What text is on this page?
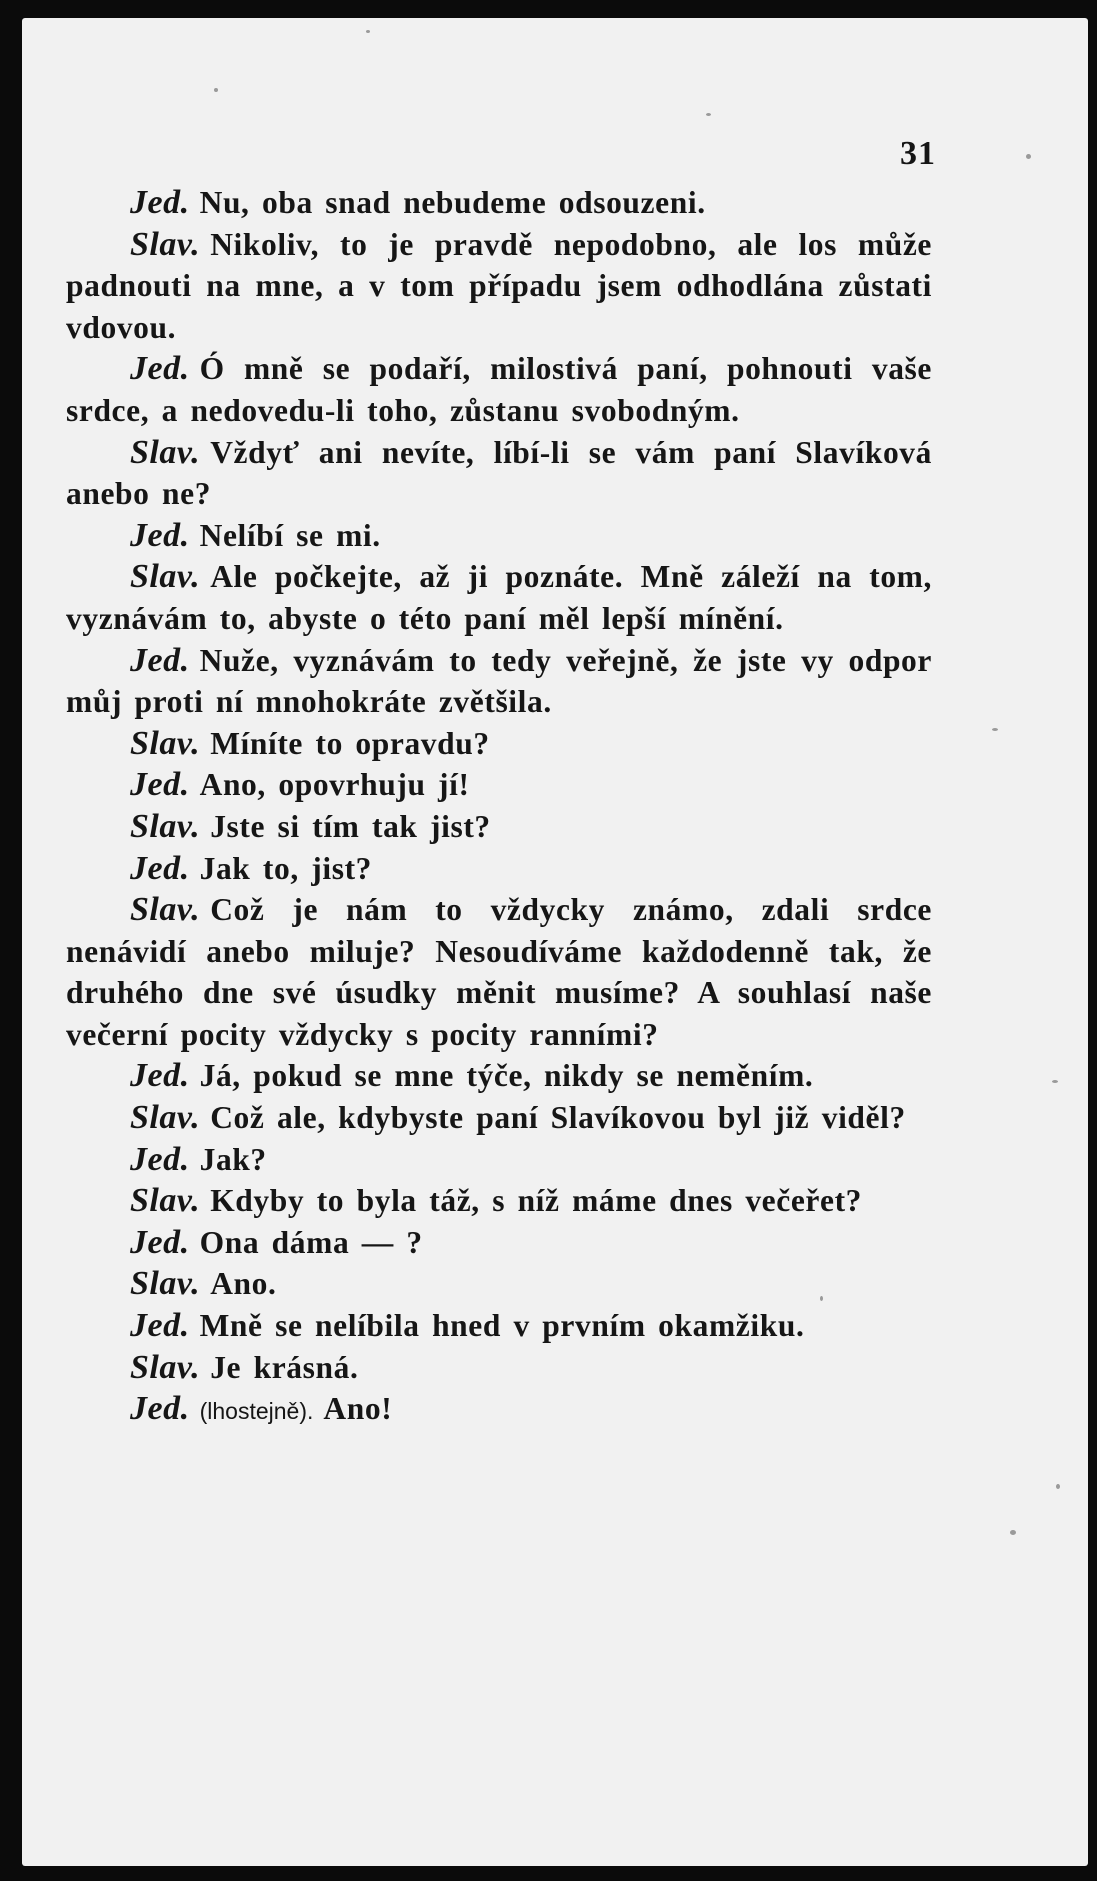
31

Jed. Nu, oba snad nebudeme odsouzeni.

Slav. Nikoliv, to je pravdě nepodobno, ale los může padnouti na mne, a v tom případu jsem odhodlána zůstati vdovou.

Jed. Ó mně se podaří, milostivá paní, pohnouti vaše srdce, a nedovedu-li toho, zůstanu svobodným.

Slav. Vždyť ani nevíte, líbí-li se vám paní Slavíková anebo ne?

Jed. Nelíbí se mi.

Slav. Ale počkejte, až ji poznáte. Mně záleží na tom, vyznávám to, abyste o této paní měl lepší mínění.

Jed. Nuže, vyznávám to tedy veřejně, že jste vy odpor můj proti ní mnohokráte zvětšila.

Slav. Míníte to opravdu?

Jed. Ano, opovrhuju jí!

Slav. Jste si tím tak jist?

Jed. Jak to, jist?

Slav. Což je nám to vždycky známo, zdali srdce nenávidí anebo miluje? Nesoudíváme každodenně tak, že druhého dne své úsudky měnit musíme? A souhlasí naše večerní pocity vždycky s pocity ranními?

Jed. Já, pokud se mne týče, nikdy se neměním.

Slav. Což ale, kdybyste paní Slavíkovou byl již viděl?

Jed. Jak?

Slav. Kdyby to byla táž, s níž máme dnes večeřet?

Jed. Ona dáma — ?

Slav. Ano.

Jed. Mně se nelíbila hned v prvním okamžiku.

Slav. Je krásná.

Jed. (lhostejně). Ano!
